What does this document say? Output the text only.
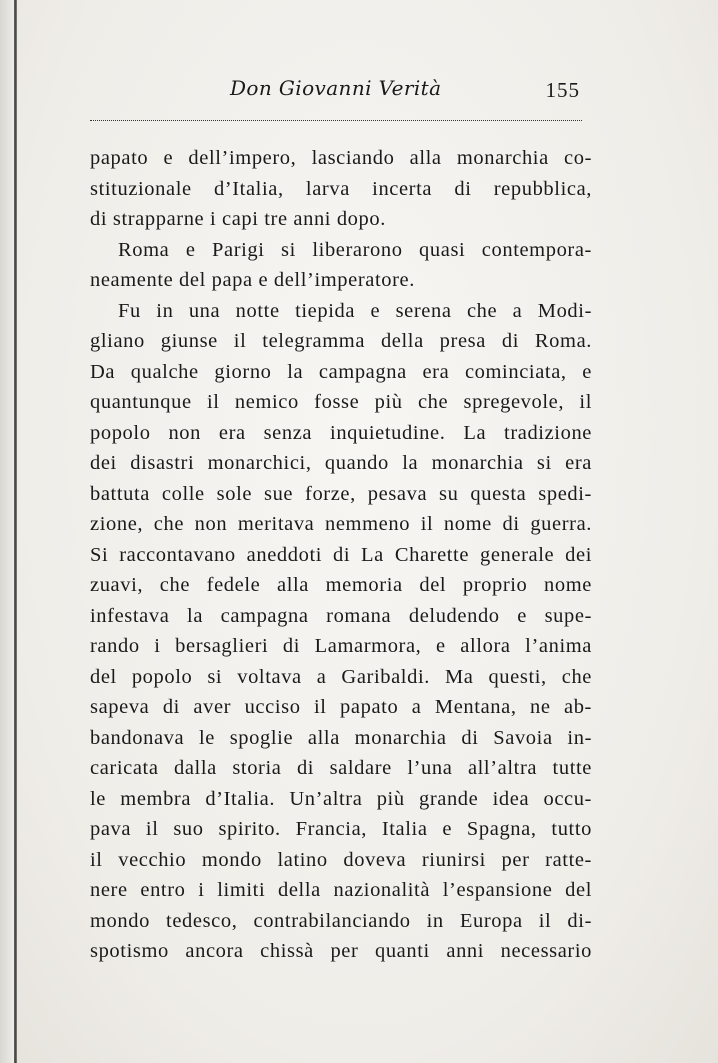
Don Giovanni Verità	155
papato e dell’impero, lasciando alla monarchia co-
stituzionale d’Italia, larva incerta di repubblica,
di strapparne i capi tre anni dopo.
Roma e Parigi si liberarono quasi contempora-
neamente del papa e dell’imperatore.
Fu in una notte tiepida e serena che a Modi-
gliano giunse il telegramma della presa di Roma.
Da qualche giorno la campagna era cominciata, e
quantunque il nemico fosse più che spregevole, il
popolo non era senza inquietudine. La tradizione
dei disastri monarchici, quando la monarchia si era
battuta colle sole sue forze, pesava su questa spedi-
zione, che non meritava nemmeno il nome di guerra.
Si raccontavano aneddoti di La Charette generale dei
zuavi, che fedele alla memoria del proprio nome
infestava la campagna romana deludendo e supe-
rando i bersaglieri di Lamarmora, e allora l’anima
del popolo si voltava a Garibaldi. Ma questi, che
sapeva di aver ucciso il papato a Mentana, ne ab-
bandonava le spoglie alla monarchia di Savoia in-
caricata dalla storia di saldare l’una all’altra tutte
le membra d’Italia. Un’altra più grande idea occu-
pava il suo spirito. Francia, Italia e Spagna, tutto
il vecchio mondo latino doveva riunirsi per ratte-
nere entro i limiti della nazionalità l’espansione del
mondo tedesco, contrabilanciando in Europa il di-
spotismo ancora chissà per quanti anni necessario
